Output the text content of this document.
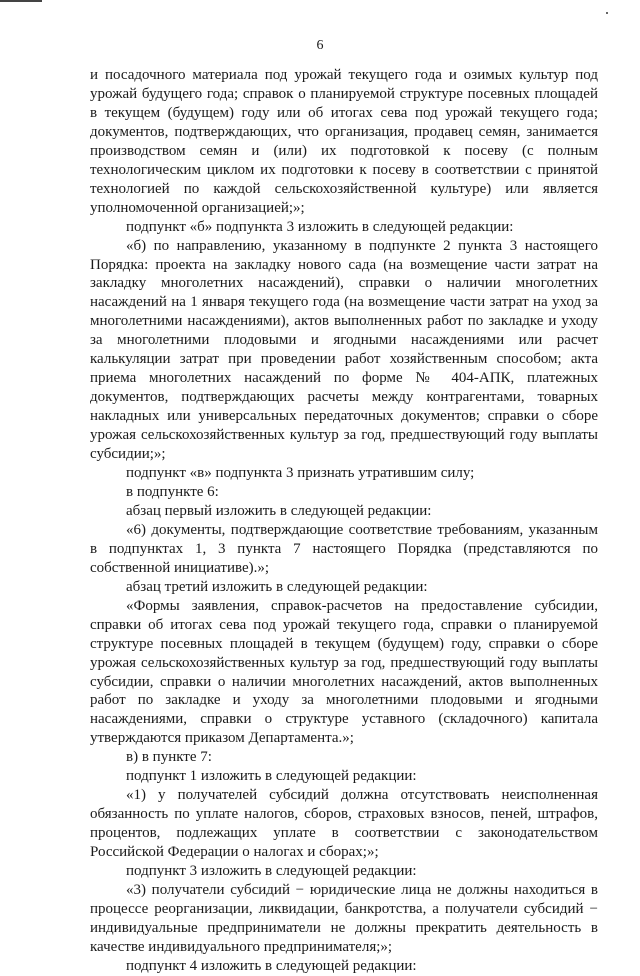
6

и посадочного материала под урожай текущего года и озимых культур под урожай будущего года; справок о планируемой структуре посевных площадей в текущем (будущем) году или об итогах сева под урожай текущего года; документов, подтверждающих, что организация, продавец семян, занимается производством семян и (или) их подготовкой к посеву (с полным технологическим циклом их подготовки к посеву в соответствии с принятой технологией по каждой сельскохозяйственной культуре) или является уполномоченной организацией;»;

подпункт «б» подпункта 3 изложить в следующей редакции:

«б) по направлению, указанному в подпункте 2 пункта 3 настоящего Порядка: проекта на закладку нового сада (на возмещение части затрат на закладку многолетних насаждений), справки о наличии многолетних насаждений на 1 января текущего года (на возмещение части затрат на уход за многолетними насаждениями), актов выполненных работ по закладке и уходу за многолетними плодовыми и ягодными насаждениями или расчет калькуляции затрат при проведении работ хозяйственным способом; акта приема многолетних насаждений по форме № 404-АПК, платежных документов, подтверждающих расчеты между контрагентами, товарных накладных или универсальных передаточных документов; справки о сборе урожая сельскохозяйственных культур за год, предшествующий году выплаты субсидии;»;

подпункт «в» подпункта 3 признать утратившим силу;

в подпункте 6:

абзац первый изложить в следующей редакции:

«6) документы, подтверждающие соответствие требованиям, указанным в подпунктах 1, 3 пункта 7 настоящего Порядка (представляются по собственной инициативе).»;

абзац третий изложить в следующей редакции:

«Формы заявления, справок-расчетов на предоставление субсидии, справки об итогах сева под урожай текущего года, справки о планируемой структуре посевных площадей в текущем (будущем) году, справки о сборе урожая сельскохозяйственных культур за год, предшествующий году выплаты субсидии, справки о наличии многолетних насаждений, актов выполненных работ по закладке и уходу за многолетними плодовыми и ягодными насаждениями, справки о структуре уставного (складочного) капитала утверждаются приказом Департамента.»;

в) в пункте 7:

подпункт 1 изложить в следующей редакции:

«1) у получателей субсидий должна отсутствовать неисполненная обязанность по уплате налогов, сборов, страховых взносов, пеней, штрафов, процентов, подлежащих уплате в соответствии с законодательством Российской Федерации о налогах и сборах;»;

подпункт 3 изложить в следующей редакции:

«3) получатели субсидий − юридические лица не должны находиться в процессе реорганизации, ликвидации, банкротства, а получатели субсидий − индивидуальные предприниматели не должны прекратить деятельность в качестве индивидуального предпринимателя;»;

подпункт 4 изложить в следующей редакции:
